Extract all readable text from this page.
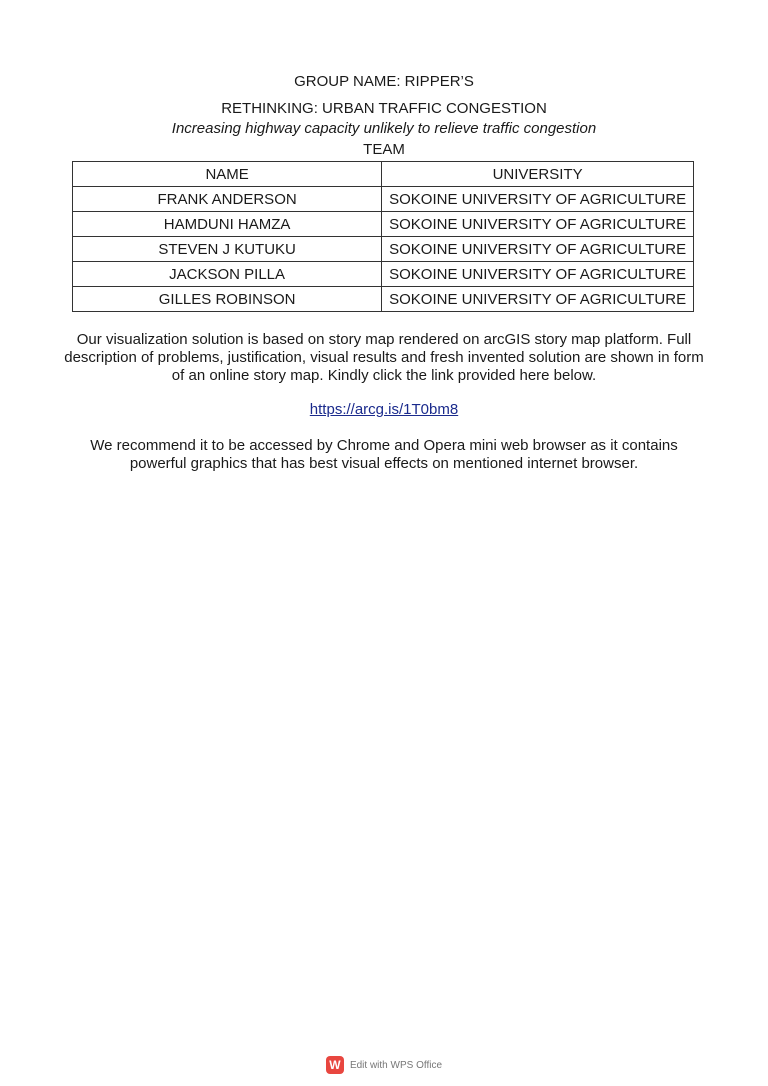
GROUP NAME: RIPPER’S
RETHINKING: URBAN TRAFFIC CONGESTION
Increasing highway capacity unlikely to relieve traffic congestion
TEAM
NAME	UNIVERSITY
FRANK ANDERSON	SOKOINE UNIVERSITY OF AGRICULTURE
HAMDUNI HAMZA	SOKOINE UNIVERSITY OF AGRICULTURE
STEVEN J KUTUKU	SOKOINE UNIVERSITY OF AGRICULTURE
JACKSON PILLA	SOKOINE UNIVERSITY OF AGRICULTURE
GILLES ROBINSON	SOKOINE UNIVERSITY OF AGRICULTURE
Our visualization solution is based on story map rendered on arcGIS story map platform. Full description of problems, justification, visual results and fresh invented solution are shown in form of an online story map. Kindly click the link provided here below.
https://arcg.is/1T0bm8
We recommend it to be accessed by Chrome and Opera mini web browser as it contains powerful graphics that has best visual effects on mentioned internet browser.
W Edit with WPS Office
